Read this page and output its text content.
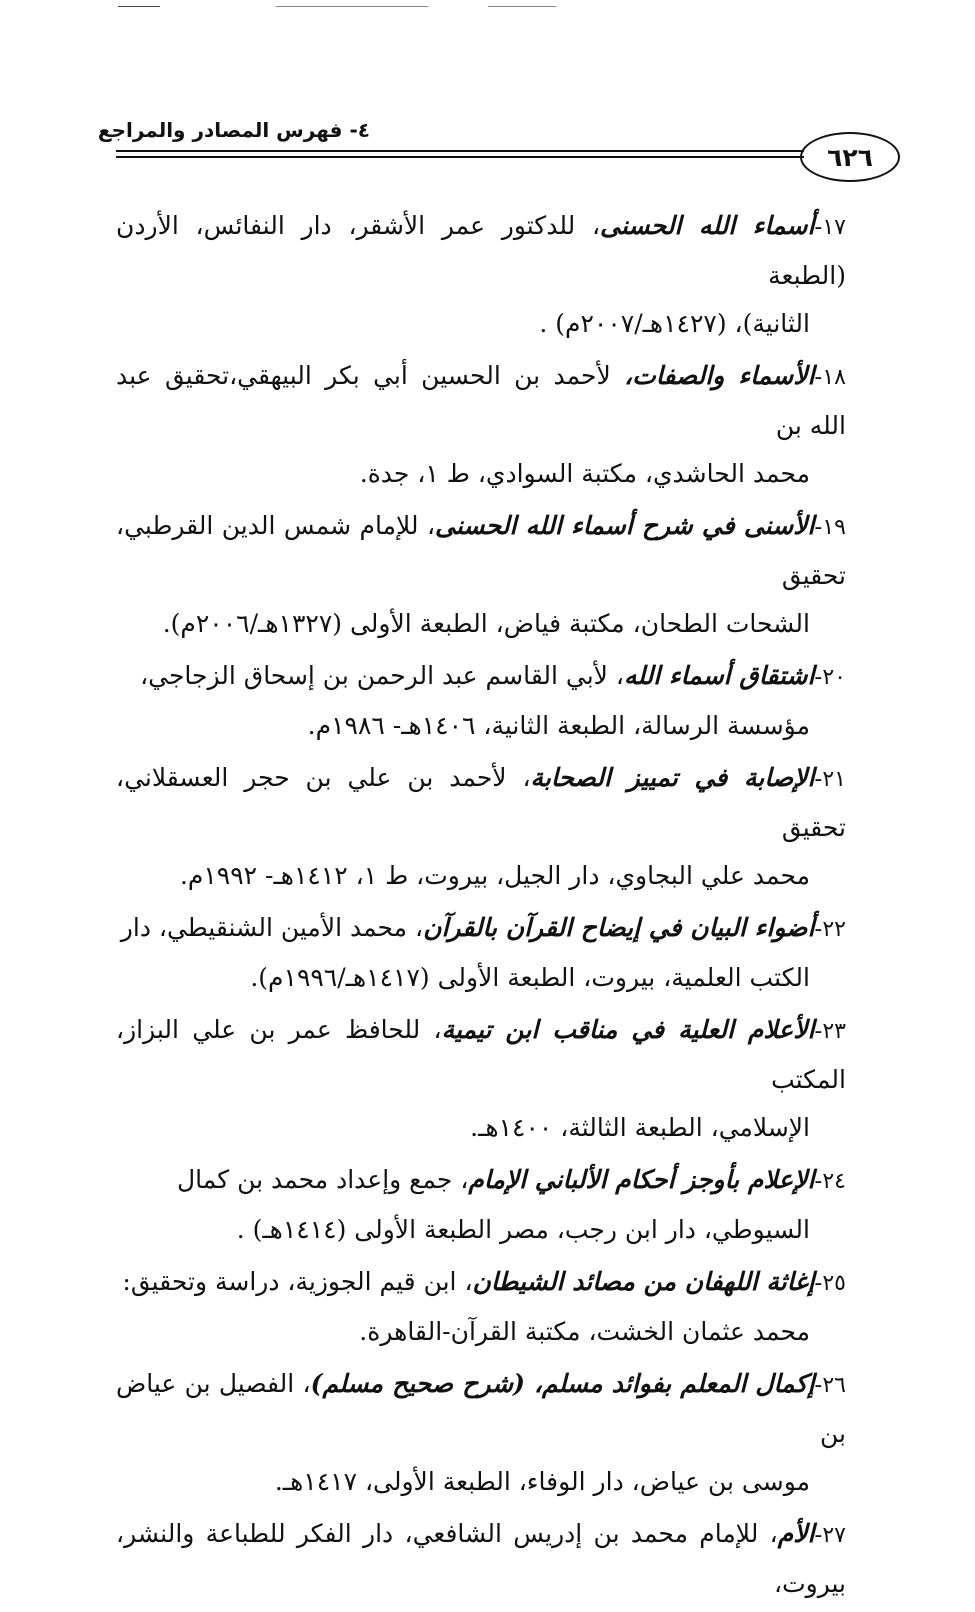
٦٢٦
٤- فهرس المصادر والمراجع
١٧-أسماء الله الحسنى، للدكتور عمر الأشقر، دار النفائس، الأردن (الطبعة
الثانية)، (١٤٢٧هـ/٢٠٠٧م) .
١٨-الأسماء والصفات، لأحمد بن الحسين أبي بكر البيهقي،تحقيق عبد الله بن
محمد الحاشدي، مكتبة السوادي، ط ١، جدة.
١٩-الأسنى في شرح أسماء الله الحسنى، للإمام شمس الدين القرطبي، تحقيق
الشحات الطحان، مكتبة فياض، الطبعة الأولى (١٣٢٧هـ/٢٠٠٦م).
٢٠-اشتقاق أسماء الله، لأبي القاسم عبد الرحمن بن إسحاق الزجاجي،
مؤسسة الرسالة، الطبعة الثانية، ١٤٠٦هـ- ١٩٨٦م.
٢١-الإصابة في تمييز الصحابة، لأحمد بن علي بن حجر العسقلاني، تحقيق
محمد علي البجاوي، دار الجيل، بيروت، ط ١، ١٤١٢هـ- ١٩٩٢م.
٢٢-أضواء البيان في إيضاح القرآن بالقرآن، محمد الأمين الشنقيطي، دار
الكتب العلمية، بيروت، الطبعة الأولى (١٤١٧هـ/١٩٩٦م).
٢٣-الأعلام العلية في مناقب ابن تيمية، للحافظ عمر بن علي البزاز، المكتب
الإسلامي، الطبعة الثالثة، ١٤٠٠هـ.
٢٤-الإعلام بأوجز أحكام الألباني الإمام، جمع وإعداد محمد بن كمال
السيوطي، دار ابن رجب، مصر الطبعة الأولى (١٤١٤هـ) .
٢٥-إغاثة اللهفان من مصائد الشيطان، ابن قيم الجوزية، دراسة وتحقيق:
محمد عثمان الخشت، مكتبة القرآن-القاهرة.
٢٦-إكمال المعلم بفوائد مسلم، (شرح صحيح مسلم)، الفصيل بن عياض بن
موسى بن عياض، دار الوفاء، الطبعة الأولى، ١٤١٧هـ.
٢٧-الأم، للإمام محمد بن إدريس الشافعي، دار الفكر للطباعة والنشر، بيروت،
